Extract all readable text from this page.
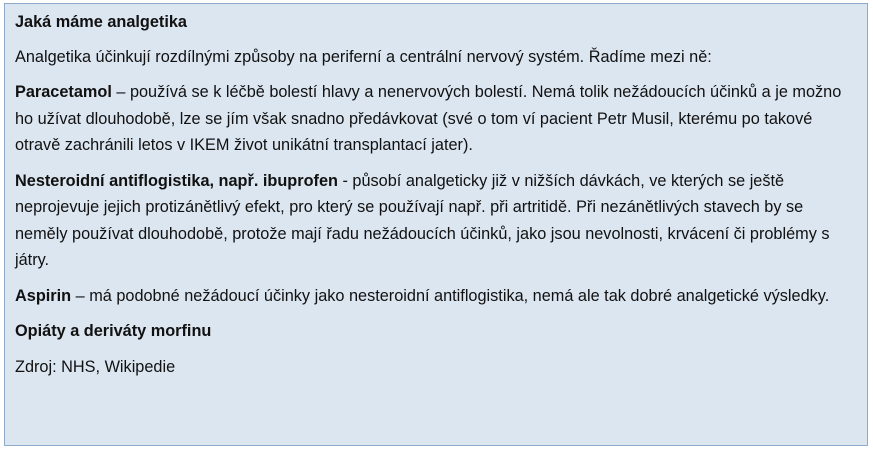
Jaká máme analgetika

Analgetika účinkují rozdílnými způsoby na periferní a centrální nervový systém. Řadíme mezi ně:

Paracetamol – používá se k léčbě bolestí hlavy a nenervových bolestí. Nemá tolik nežádoucích účinků a je možno ho užívat dlouhodobě, lze se jím však snadno předávkovat (své o tom ví pacient Petr Musil, kterému po takové otravě zachránili letos v IKEM život unikátní transplantací jater).

Nesteroidní antiflogistika, např. ibuprofen - působí analgeticky již v nižších dávkách, ve kterých se ještě neprojevuje jejich protizánětlivý efekt, pro který se používají např. při artritidě. Při nezánětlivých stavech by se neměly používat dlouhodobě, protože mají řadu nežádoucích účinků, jako jsou nevolnosti, krvácení či problémy s játry.

Aspirin – má podobné nežádoucí účinky jako nesteroidní antiflogistika, nemá ale tak dobré analgetické výsledky.

Opiáty a deriváty morfinu

Zdroj: NHS, Wikipedie
